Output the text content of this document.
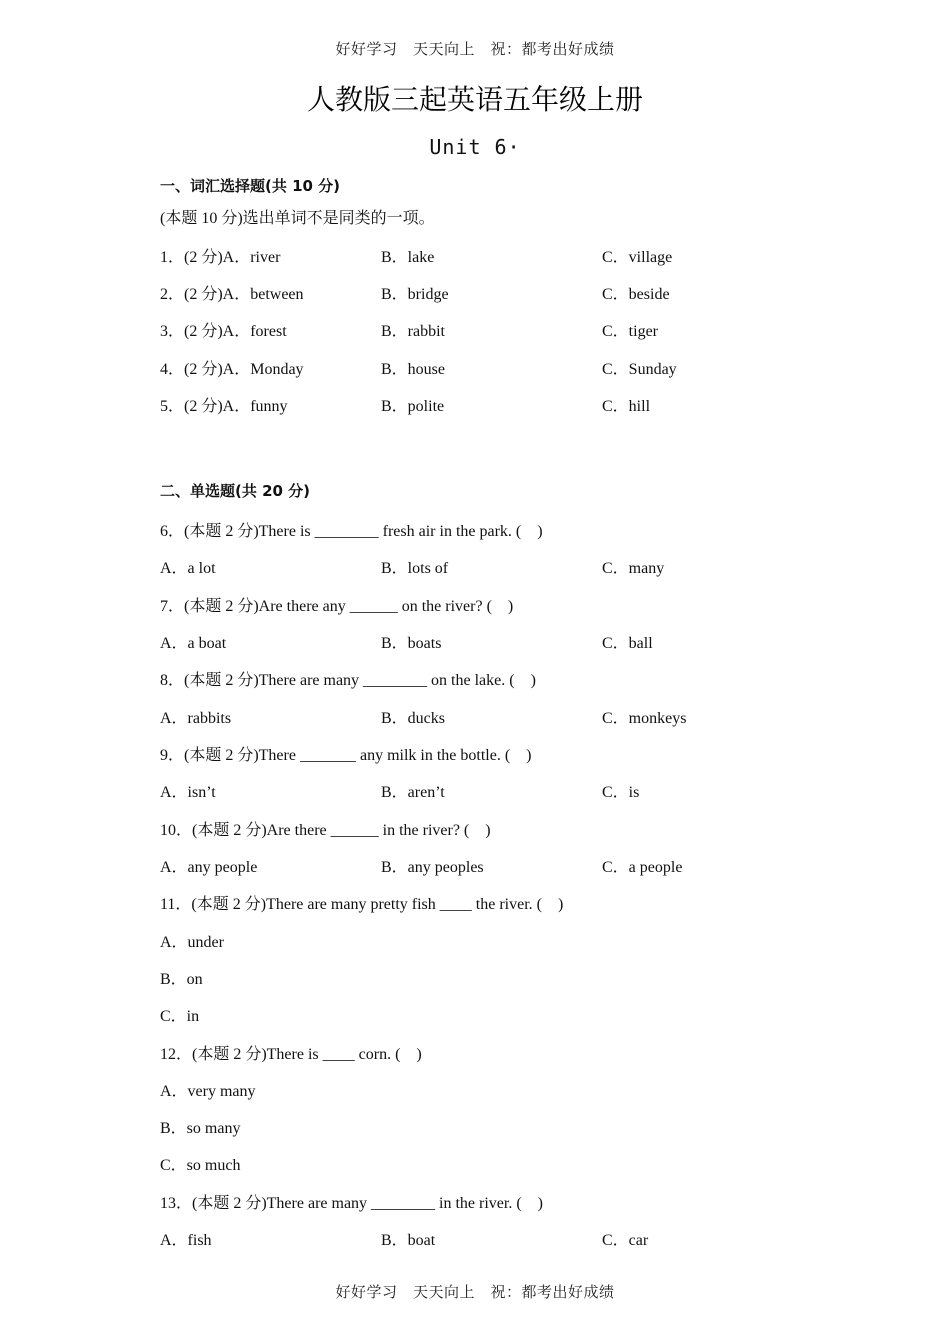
好好学习　天天向上　祝：都考出好成绩
人教版三起英语五年级上册
Unit 6·
一、词汇选择题(共 10 分)
(本题 10 分)选出单词不是同类的一项。
1．(2 分)A．river	B．lake	C．village
2．(2 分)A．between	B．bridge	C．beside
3．(2 分)A．forest	B．rabbit	C．tiger
4．(2 分)A．Monday	B．house	C．Sunday
5．(2 分)A．funny	B．polite	C．hill
二、单选题(共 20 分)
6．(本题 2 分)There is ________ fresh air in the park. (　)
A．a lot	B．lots of	C．many
7．(本题 2 分)Are there any ______ on the river? (　)
A．a boat	B．boats	C．ball
8．(本题 2 分)There are many ________ on the lake. (　)
A．rabbits	B．ducks	C．monkeys
9．(本题 2 分)There _______ any milk in the bottle. (　)
A．isn’t	B．aren’t	C．is
10．(本题 2 分)Are there ______ in the river? (　)
A．any people	B．any peoples	C．a people
11．(本题 2 分)There are many pretty fish ____ the river. (　)
A．under
B．on
C．in
12．(本题 2 分)There is ____ corn. (　)
A．very many
B．so many
C．so much
13．(本题 2 分)There are many ________ in the river. (　)
A．fish	B．boat	C．car
好好学习　天天向上　祝：都考出好成绩
